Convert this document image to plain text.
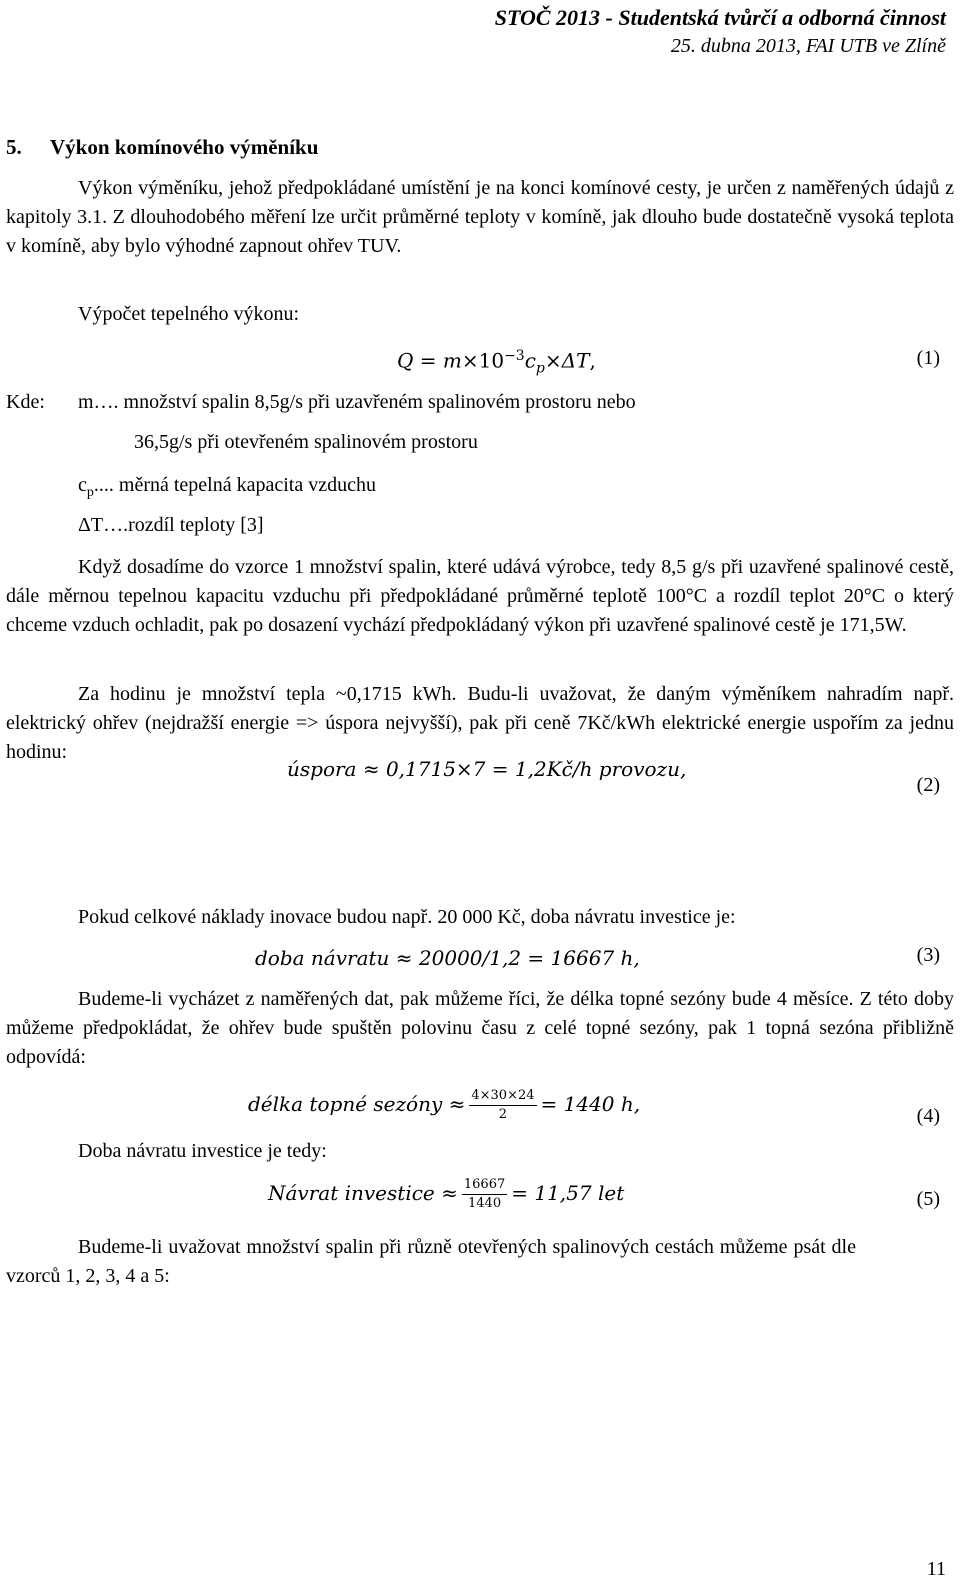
STOČ 2013 - Studentská tvůrčí a odborná činnost
25. dubna 2013, FAI UTB ve Zlíně
5. Výkon komínového výměníku
Výkon výměníku, jehož předpokládané umístění je na konci komínové cesty, je určen z naměřených údajů z kapitoly 3.1. Z dlouhodobého měření lze určit průměrné teploty v komíně, jak dlouho bude dostatečně vysoká teplota v komíně, aby bylo výhodné zapnout ohřev TUV.
Výpočet tepelného výkonu:
$Q = m\times 10^{-3}c_p\times\Delta T$,	(1)
Kde: m…. množství spalin 8,5g/s při uzavřeném spalinovém prostoru nebo
36,5g/s při otevřeném spalinovém prostoru
$c_p$.... měrná tepelná kapacita vzduchu
ΔT….rozdíl teploty [3]
Když dosadíme do vzorce 1 množství spalin, které udává výrobce, tedy 8,5 g/s při uzavřené spalinové cestě, dále měrnou tepelnou kapacitu vzduchu při předpokládané průměrné teplotě 100°C a rozdíl teplot 20°C o který chceme vzduch ochladit, pak po dosazení vychází předpokládaný výkon při uzavřené spalinové cestě je 171,5W.
Za hodinu je množství tepla ~0,1715 kWh. Budu-li uvažovat, že daným výměníkem nahradím např. elektrický ohřev (nejdražší energie => úspora nejvyšší), pak při ceně 7Kč/kWh elektrické energie uspořím za jednu hodinu:
úspora ≈ 0,1715×7 = 1,2Kč/h provozu,
(2)
Pokud celkové náklady inovace budou např. 20 000 Kč, doba návratu investice je:
doba návratu ≈ 20000/1,2 = 16667 h,	(3)
Budeme-li vycházet z naměřených dat, pak můžeme říci, že délka topné sezóny bude 4 měsíce. Z této doby můžeme předpokládat, že ohřev bude spuštěn polovinu času z celé topné sezóny, pak 1 topná sezóna přibližně odpovídá:
délka topné sezóny ≈ $\frac{4\times 30\times 24}{2} = 1440$ h,	(4)
Doba návratu investice je tedy:
Návrat investice ≈ $\frac{16667}{1440} = 11,57$ let	(5)
Budeme-li uvažovat množství spalin při různě otevřených spalinových cestách můžeme psát dle vzorců 1, 2, 3, 4 a 5:
11
